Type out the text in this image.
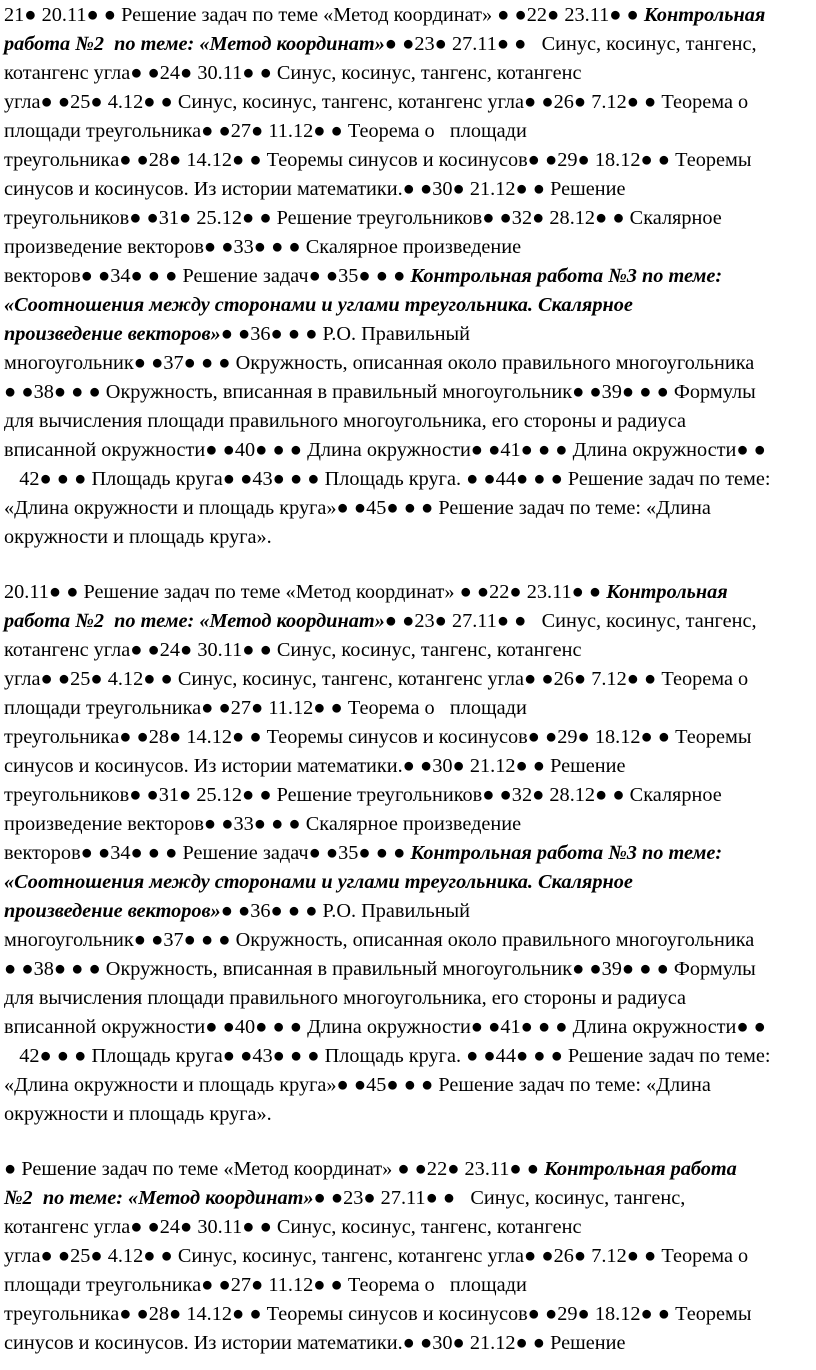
21● 20.11● ● Решение задач по теме «Метод координат» ● ●22● 23.11● ● Контрольная
работа №2  по теме: «Метод координат»● ●23● 27.11● ●   Синус, косинус, тангенс,
котангенс угла● ●24● 30.11● ● Синус, косинус, тангенс, котангенс
угла● ●25● 4.12● ● Синус, косинус, тангенс, котангенс угла● ●26● 7.12● ● Теорема о
площади треугольника● ●27● 11.12● ● Теорема о   площади
треугольника● ●28● 14.12● ● Теоремы синусов и косинусов● ●29● 18.12● ● Теоремы
синусов и косинусов. Из истории математики.● ●30● 21.12● ● Решение
треугольников● ●31● 25.12● ● Решение треугольников● ●32● 28.12● ● Скалярное
произведение векторов● ●33● ● ● Скалярное произведение
векторов● ●34● ● ● Решение задач● ●35● ● ● Контрольная работа №3 по теме:
«Соотношения между сторонами и углами треугольника. Скалярное
произведение векторов»● ●36● ● ● Р.О. Правильный
многоугольник● ●37● ● ● Окружность, описанная около правильного многоугольника
● ●38● ● ● Окружность, вписанная в правильный многоугольник● ●39● ● ● Формулы
для вычисления площади правильного многоугольника, его стороны и радиуса
вписанной окружности● ●40● ● ● Длина окружности● ●41● ● ● Длина окружности● ●
42● ● ● Площадь круга● ●43● ● ● Площадь круга. ● ●44● ● ● Решение задач по теме:
«Длина окружности и площадь круга»● ●45● ● ● Решение задач по теме: «Длина
окружности и площадь круга».
20.11● ● Решение задач по теме «Метод координат» ● ●22● 23.11● ● Контрольная
работа №2  по теме: «Метод координат»● ●23● 27.11● ●   Синус, косинус, тангенс,
котангенс угла● ●24● 30.11● ● Синус, косинус, тангенс, котангенс
угла● ●25● 4.12● ● Синус, косинус, тангенс, котангенс угла● ●26● 7.12● ● Теорема о
площади треугольника● ●27● 11.12● ● Теорема о   площади
треугольника● ●28● 14.12● ● Теоремы синусов и косинусов● ●29● 18.12● ● Теоремы
синусов и косинусов. Из истории математики.● ●30● 21.12● ● Решение
треугольников● ●31● 25.12● ● Решение треугольников● ●32● 28.12● ● Скалярное
произведение векторов● ●33● ● ● Скалярное произведение
векторов● ●34● ● ● Решение задач● ●35● ● ● Контрольная работа №3 по теме:
«Соотношения между сторонами и углами треугольника. Скалярное
произведение векторов»● ●36● ● ● Р.О. Правильный
многоугольник● ●37● ● ● Окружность, описанная около правильного многоугольника
● ●38● ● ● Окружность, вписанная в правильный многоугольник● ●39● ● ● Формулы
для вычисления площади правильного многоугольника, его стороны и радиуса
вписанной окружности● ●40● ● ● Длина окружности● ●41● ● ● Длина окружности● ●
42● ● ● Площадь круга● ●43● ● ● Площадь круга. ● ●44● ● ● Решение задач по теме:
«Длина окружности и площадь круга»● ●45● ● ● Решение задач по теме: «Длина
окружности и площадь круга».
● Решение задач по теме «Метод координат» ● ●22● 23.11● ● Контрольная работа
№2  по теме: «Метод координат»● ●23● 27.11● ●   Синус, косинус, тангенс,
котангенс угла● ●24● 30.11● ● Синус, косинус, тангенс, котангенс
угла● ●25● 4.12● ● Синус, косинус, тангенс, котангенс угла● ●26● 7.12● ● Теорема о
площади треугольника● ●27● 11.12● ● Теорема о   площади
треугольника● ●28● 14.12● ● Теоремы синусов и косинусов● ●29● 18.12● ● Теоремы
синусов и косинусов. Из истории математики.● ●30● 21.12● ● Решение
